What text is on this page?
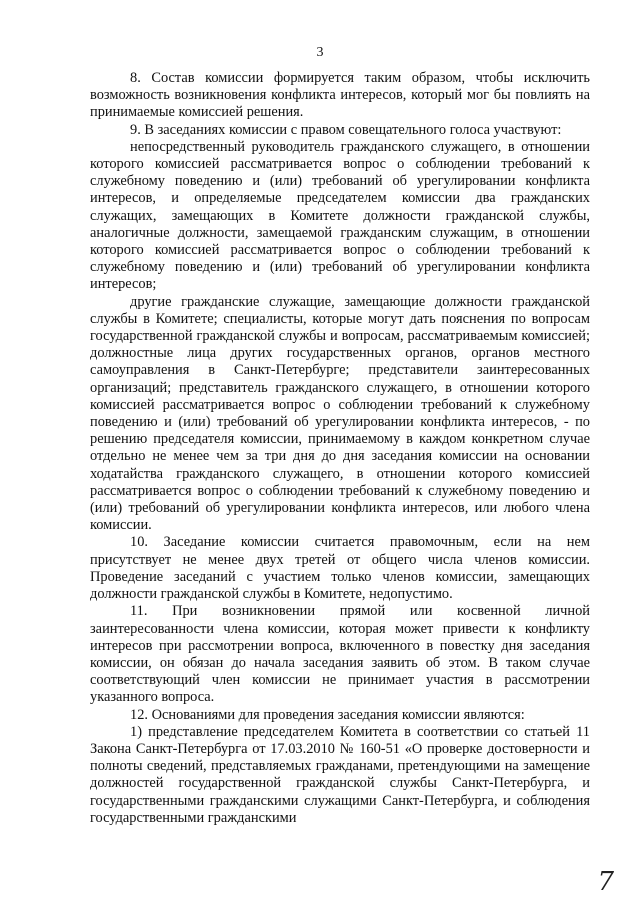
3

8. Состав комиссии формируется таким образом, чтобы исключить возможность возникновения конфликта интересов, который мог бы повлиять на принимаемые комиссией решения.

9. В заседаниях комиссии с правом совещательного голоса участвуют:

непосредственный руководитель гражданского служащего, в отношении которого комиссией рассматривается вопрос о соблюдении требований к служебному поведению и (или) требований об урегулировании конфликта интересов, и определяемые председателем комиссии два гражданских служащих, замещающих в Комитете должности гражданской службы, аналогичные должности, замещаемой гражданским служащим, в отношении которого комиссией рассматривается вопрос о соблюдении требований к служебному поведению и (или) требований об урегулировании конфликта интересов;

другие гражданские служащие, замещающие должности гражданской службы в Комитете; специалисты, которые могут дать пояснения по вопросам государственной гражданской службы и вопросам, рассматриваемым комиссией; должностные лица других государственных органов, органов местного самоуправления в Санкт-Петербурге; представители заинтересованных организаций; представитель гражданского служащего, в отношении которого комиссией рассматривается вопрос о соблюдении требований к служебному поведению и (или) требований об урегулировании конфликта интересов, - по решению председателя комиссии, принимаемому в каждом конкретном случае отдельно не менее чем за три дня до дня заседания комиссии на основании ходатайства гражданского служащего, в отношении которого комиссией рассматривается вопрос о соблюдении требований к служебному поведению и (или) требований об урегулировании конфликта интересов, или любого члена комиссии.

10. Заседание комиссии считается правомочным, если на нем присутствует не менее двух третей от общего числа членов комиссии. Проведение заседаний с участием только членов комиссии, замещающих должности гражданской службы в Комитете, недопустимо.

11. При возникновении прямой или косвенной личной заинтересованности члена комиссии, которая может привести к конфликту интересов при рассмотрении вопроса, включенного в повестку дня заседания комиссии, он обязан до начала заседания заявить об этом. В таком случае соответствующий член комиссии не принимает участия в рассмотрении указанного вопроса.

12. Основаниями для проведения заседания комиссии являются:

1) представление председателем Комитета в соответствии со статьей 11 Закона Санкт-Петербурга от 17.03.2010 № 160-51 «О проверке достоверности и полноты сведений, представляемых гражданами, претендующими на замещение должностей государственной гражданской службы Санкт-Петербурга, и государственными гражданскими служащими Санкт-Петербурга, и соблюдения государственными гражданскими

7
